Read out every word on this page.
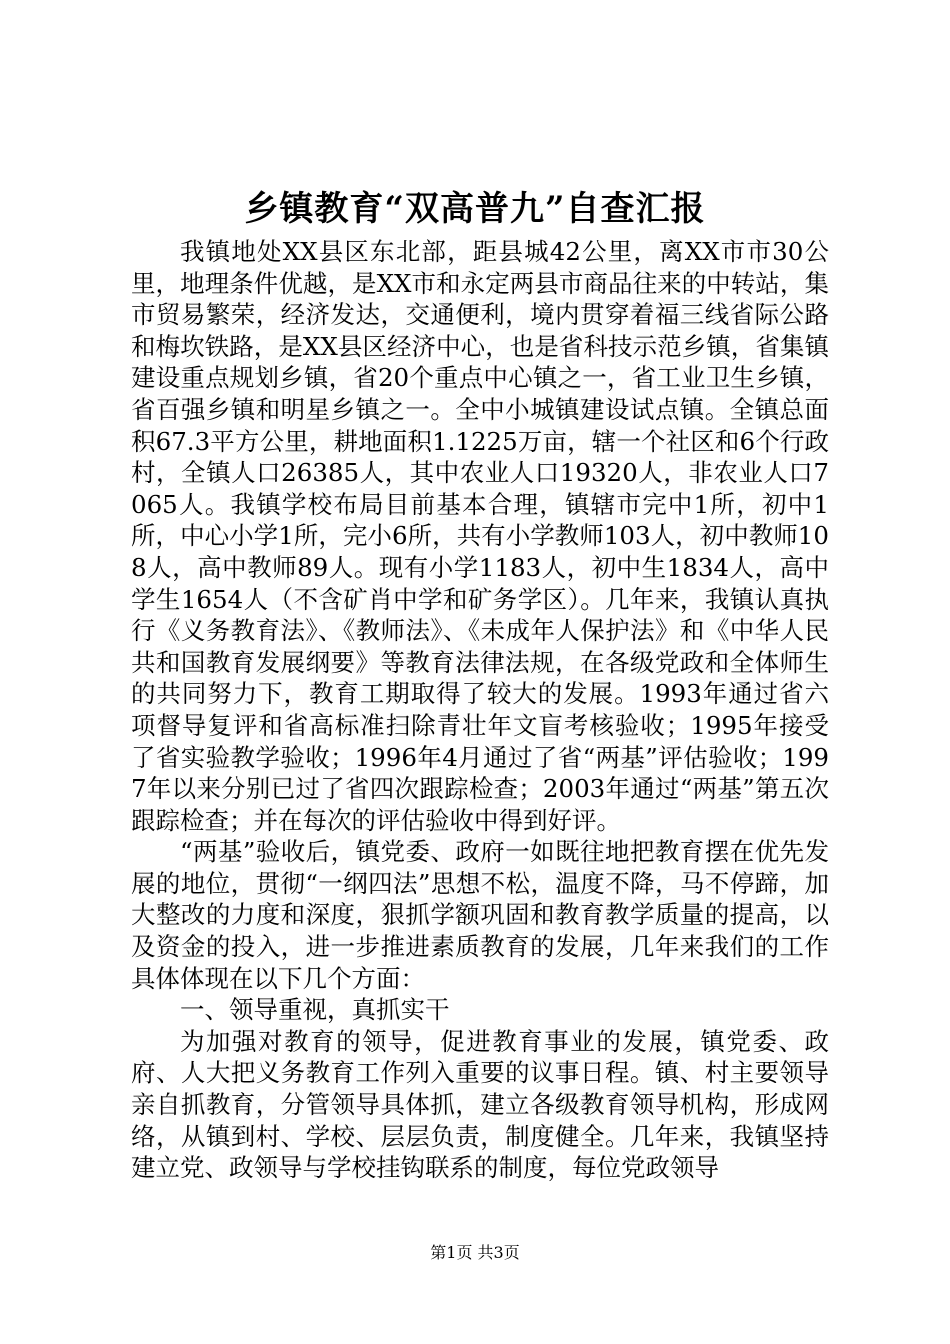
乡镇教育“双高普九”自查汇报

我镇地处XX县区东北部，距县城42公里，离XX市市30公里，地理条件优越，是XX市和永定两县市商品往来的中转站，集市贸易繁荣，经济发达，交通便利，境内贯穿着福三线省际公路和梅坎铁路，是XX县区经济中心，也是省科技示范乡镇，省集镇建设重点规划乡镇，省20个重点中心镇之一，省工业卫生乡镇，省百强乡镇和明星乡镇之一。全中小城镇建设试点镇。全镇总面积67.3平方公里，耕地面积1.1225万亩，辖一个社区和6个行政村，全镇人口26385人，其中农业人口19320人，非农业人口7065人。我镇学校布局目前基本合理，镇辖市完中1所，初中1所，中心小学1所，完小6所，共有小学教师103人，初中教师108人，高中教师89人。现有小学1183人，初中生1834人，高中学生1654人（不含矿肖中学和矿务学区）。几年来，我镇认真执行《义务教育法》、《教师法》、《未成年人保护法》和《中华人民共和国教育发展纲要》等教育法律法规，在各级党政和全体师生的共同努力下，教育工期取得了较大的发展。1993年通过省六项督导复评和省高标准扫除青壮年文盲考核验收；1995年接受了省实验教学验收；1996年4月通过了省“两基”评估验收；1997年以来分别已过了省四次跟踪检查；2003年通过“两基”第五次跟踪检查；并在每次的评估验收中得到好评。

“两基”验收后，镇党委、政府一如既往地把教育摆在优先发展的地位，贯彻“一纲四法”思想不松，温度不降，马不停蹄，加大整改的力度和深度，狠抓学额巩固和教育教学质量的提高，以及资金的投入，进一步推进素质教育的发展，几年来我们的工作具体体现在以下几个方面：

一、领导重视，真抓实干

为加强对教育的领导，促进教育事业的发展，镇党委、政府、人大把义务教育工作列入重要的议事日程。镇、村主要领导亲自抓教育，分管领导具体抓，建立各级教育领导机构，形成网络，从镇到村、学校、层层负责，制度健全。几年来，我镇坚持建立党、政领导与学校挂钩联系的制度，每位党政领导

第1页 共3页
